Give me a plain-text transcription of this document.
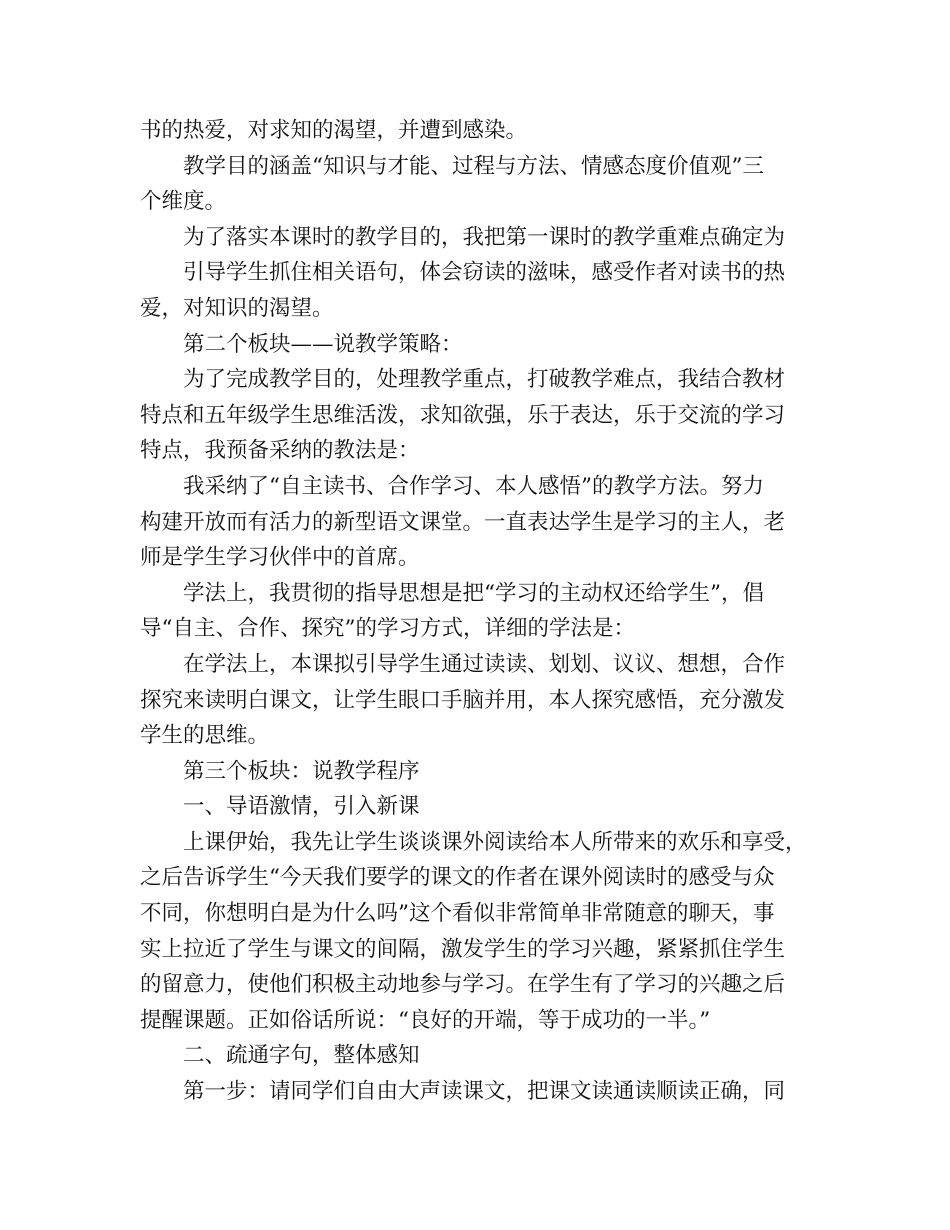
书的热爱，对求知的渴望，并遭到感染。
教学目的涵盖“知识与才能、过程与方法、情感态度价值观”三
个维度。
为了落实本课时的教学目的，我把第一课时的教学重难点确定为
引导学生抓住相关语句，体会窃读的滋味，感受作者对读书的热
爱，对知识的渴望。
第二个板块——说教学策略：
为了完成教学目的，处理教学重点，打破教学难点，我结合教材
特点和五年级学生思维活泼，求知欲强，乐于表达，乐于交流的学习
特点，我预备采纳的教法是：
我采纳了“自主读书、合作学习、本人感悟”的教学方法。努力
构建开放而有活力的新型语文课堂。一直表达学生是学习的主人，老
师是学生学习伙伴中的首席。
学法上，我贯彻的指导思想是把“学习的主动权还给学生”，倡
导“自主、合作、探究”的学习方式，详细的学法是：
在学法上，本课拟引导学生通过读读、划划、议议、想想，合作
探究来读明白课文，让学生眼口手脑并用，本人探究感悟，充分激发
学生的思维。
第三个板块：说教学程序
一、导语激情，引入新课
上课伊始，我先让学生谈谈课外阅读给本人所带来的欢乐和享受，
之后告诉学生“今天我们要学的课文的作者在课外阅读时的感受与众
不同，你想明白是为什么吗”这个看似非常简单非常随意的聊天，事
实上拉近了学生与课文的间隔，激发学生的学习兴趣，紧紧抓住学生
的留意力，使他们积极主动地参与学习。在学生有了学习的兴趣之后
提醒课题。正如俗话所说：“良好的开端，等于成功的一半。”
二、疏通字句，整体感知
第一步：请同学们自由大声读课文，把课文读通读顺读正确，同
